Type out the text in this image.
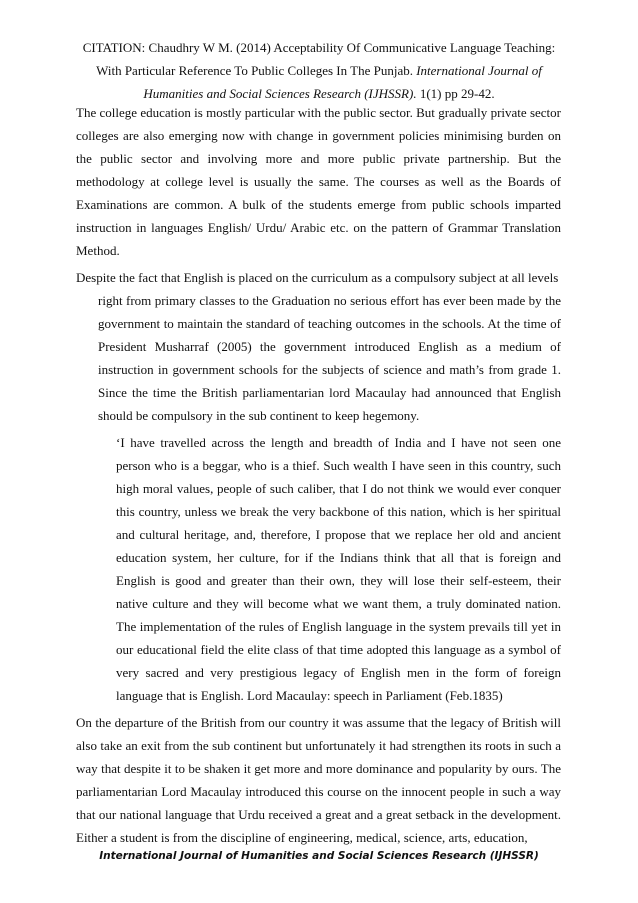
CITATION: Chaudhry W M. (2014) Acceptability Of Communicative Language Teaching:
With Particular Reference To Public Colleges In The Punjab. International Journal of
Humanities and Social Sciences Research (IJHSSR). 1(1) pp 29-42.

The college education is mostly particular with the public sector. But gradually private sector colleges are also emerging now with change in government policies minimising burden on the public sector and involving more and more public private partnership. But the methodology at college level is usually the same. The courses as well as the Boards of Examinations are common. A bulk of the students emerge from public schools imparted instruction in languages English/ Urdu/ Arabic etc. on the pattern of Grammar Translation Method.

Despite the fact that English is placed on the curriculum as a compulsory subject at all levels
right from primary classes to the Graduation no serious effort has ever been made by the government to maintain the standard of teaching outcomes in the schools. At the time of President Musharraf (2005) the government introduced English as a medium of instruction in government schools for the subjects of science and math’s from grade 1. Since the time the British parliamentarian lord Macaulay had announced that English should be compulsory in the sub continent to keep hegemony.

‘I have travelled across the length and breadth of India and I have not seen one person who is a beggar, who is a thief. Such wealth I have seen in this country, such high moral values, people of such caliber, that I do not think we would ever conquer this country, unless we break the very backbone of this nation, which is her spiritual and cultural heritage, and, therefore, I propose that we replace her old and ancient education system, her culture, for if the Indians think that all that is foreign and English is good and greater than their own, they will lose their self-esteem, their native culture and they will become what we want them, a truly dominated nation. The implementation of the rules of English language in the system prevails till yet in our educational field the elite class of that time adopted this language as a symbol of very sacred and very prestigious legacy of English men in the form of foreign language that is English. Lord Macaulay: speech in Parliament (Feb.1835)

On the departure of the British from our country it was assume that the legacy of British will also take an exit from the sub continent but unfortunately it had strengthen its roots in such a way that despite it to be shaken it get more and more dominance and popularity by ours. The parliamentarian Lord Macaulay introduced this course on the innocent people in such a way that our national language that Urdu received a great and a great setback in the development. Either a student is from the discipline of engineering, medical, science, arts, education,

International Journal of Humanities and Social Sciences Research (IJHSSR)
